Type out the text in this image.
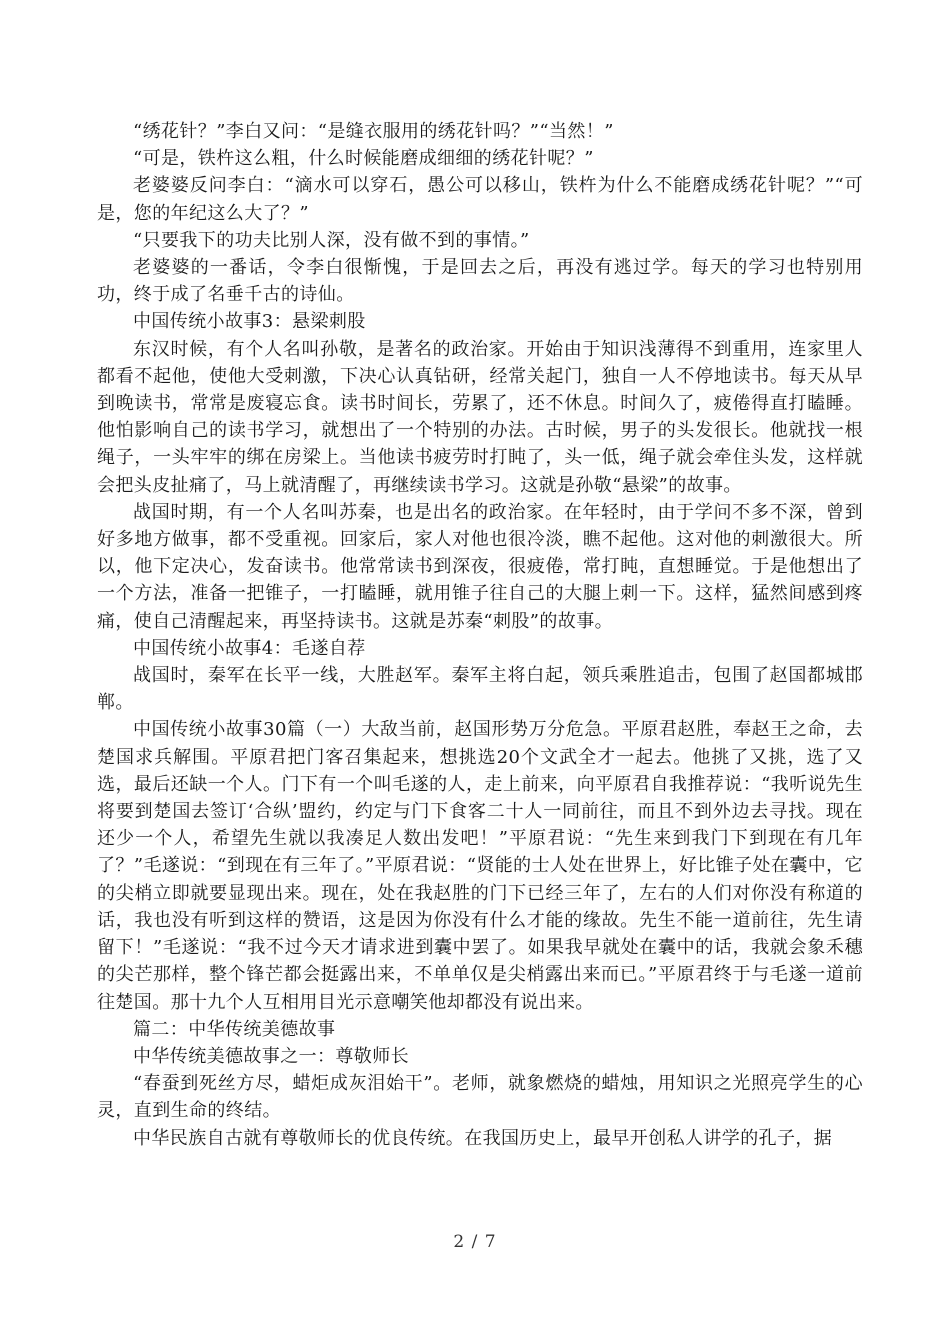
“绣花针？”李白又问：“是缝衣服用的绣花针吗？”“当然！”

“可是，铁杵这么粗，什么时候能磨成细细的绣花针呢？”

老婆婆反问李白：“滴水可以穿石，愚公可以移山，铁杵为什么不能磨成绣花针呢？”“可是，您的年纪这么大了？”

“只要我下的功夫比别人深，没有做不到的事情。”

老婆婆的一番话，令李白很惭愧，于是回去之后，再没有逃过学。每天的学习也特别用功，终于成了名垂千古的诗仙。

中国传统小故事3：悬梁刺股

东汉时候，有个人名叫孙敬，是著名的政治家。开始由于知识浅薄得不到重用，连家里人都看不起他，使他大受刺激，下决心认真钻研，经常关起门，独自一人不停地读书。每天从早到晚读书，常常是废寝忘食。读书时间长，劳累了，还不休息。时间久了，疲倦得直打瞌睡。他怕影响自己的读书学习，就想出了一个特别的办法。古时候，男子的头发很长。他就找一根绳子，一头牢牢的绑在房梁上。当他读书疲劳时打盹了，头一低，绳子就会牵住头发，这样就会把头皮扯痛了，马上就清醒了，再继续读书学习。这就是孙敬“悬梁”的故事。

战国时期，有一个人名叫苏秦，也是出名的政治家。在年轻时，由于学问不多不深，曾到好多地方做事，都不受重视。回家后，家人对他也很冷淡，瞧不起他。这对他的刺激很大。所以，他下定决心，发奋读书。他常常读书到深夜，很疲倦，常打盹，直想睡觉。于是他想出了一个方法，准备一把锥子，一打瞌睡，就用锥子往自己的大腿上刺一下。这样，猛然间感到疼痛，使自己清醒起来，再坚持读书。这就是苏秦“刺股”的故事。

中国传统小故事4：毛遂自荐

战国时，秦军在长平一线，大胜赵军。秦军主将白起，领兵乘胜追击，包围了赵国都城邯郸。

中国传统小故事30篇（一）大敌当前，赵国形势万分危急。平原君赵胜，奉赵王之命，去楚国求兵解围。平原君把门客召集起来，想挑选20个文武全才一起去。他挑了又挑，选了又选，最后还缺一个人。门下有一个叫毛遂的人，走上前来，向平原君自我推荐说：“我听说先生将要到楚国去签订‘合纵’盟约，约定与门下食客二十人一同前往，而且不到外边去寻找。现在还少一个人，希望先生就以我凑足人数出发吧！”平原君说：“先生来到我门下到现在有几年了？”毛遂说：“到现在有三年了。”平原君说：“贤能的士人处在世界上，好比锥子处在囊中，它的尖梢立即就要显现出来。现在，处在我赵胜的门下已经三年了，左右的人们对你没有称道的话，我也没有听到这样的赞语，这是因为你没有什么才能的缘故。先生不能一道前往，先生请留下！”毛遂说：“我不过今天才请求进到囊中罢了。如果我早就处在囊中的话，我就会象禾穗的尖芒那样，整个锋芒都会挺露出来，不单单仅是尖梢露出来而已。”平原君终于与毛遂一道前往楚国。那十九个人互相用目光示意嘲笑他却都没有说出来。

篇二：中华传统美德故事

中华传统美德故事之一：尊敬师长

“春蚕到死丝方尽，蜡炬成灰泪始干”。老师，就象燃烧的蜡烛，用知识之光照亮学生的心灵，直到生命的终结。

中华民族自古就有尊敬师长的优良传统。在我国历史上，最早开创私人讲学的孔子，据

2 / 7
